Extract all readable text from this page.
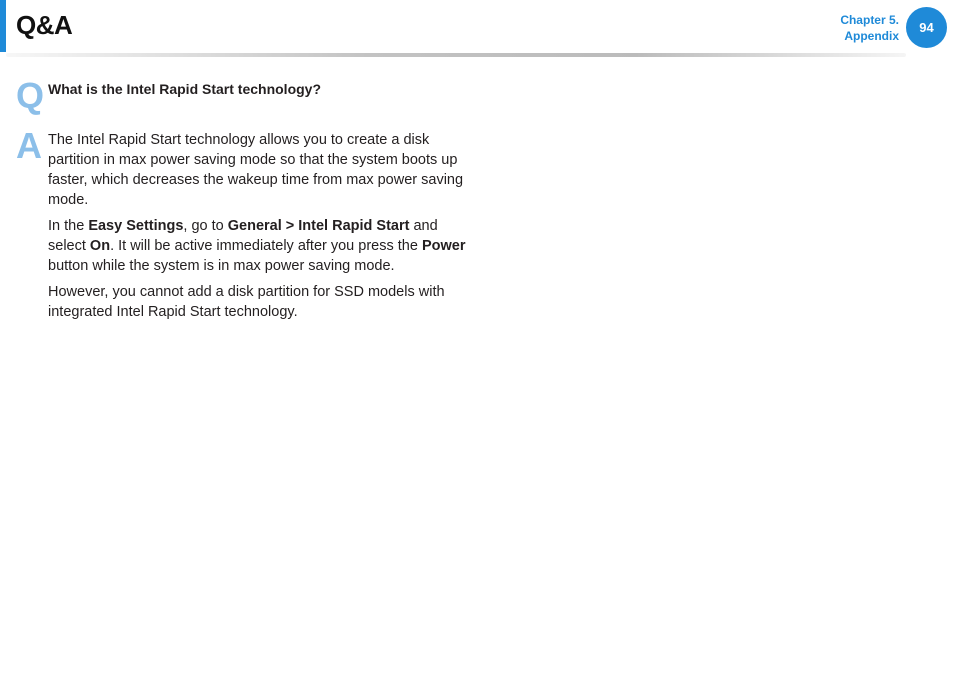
Q&A	Chapter 5.
Appendix
94
Q What is the Intel Rapid Start technology?
A The Intel Rapid Start technology allows you to create a disk partition in max power saving mode so that the system boots up faster, which decreases the wakeup time from max power saving mode.

In the Easy Settings, go to General > Intel Rapid Start and select On. It will be active immediately after you press the Power button while the system is in max power saving mode.

However, you cannot add a disk partition for SSD models with integrated Intel Rapid Start technology.
